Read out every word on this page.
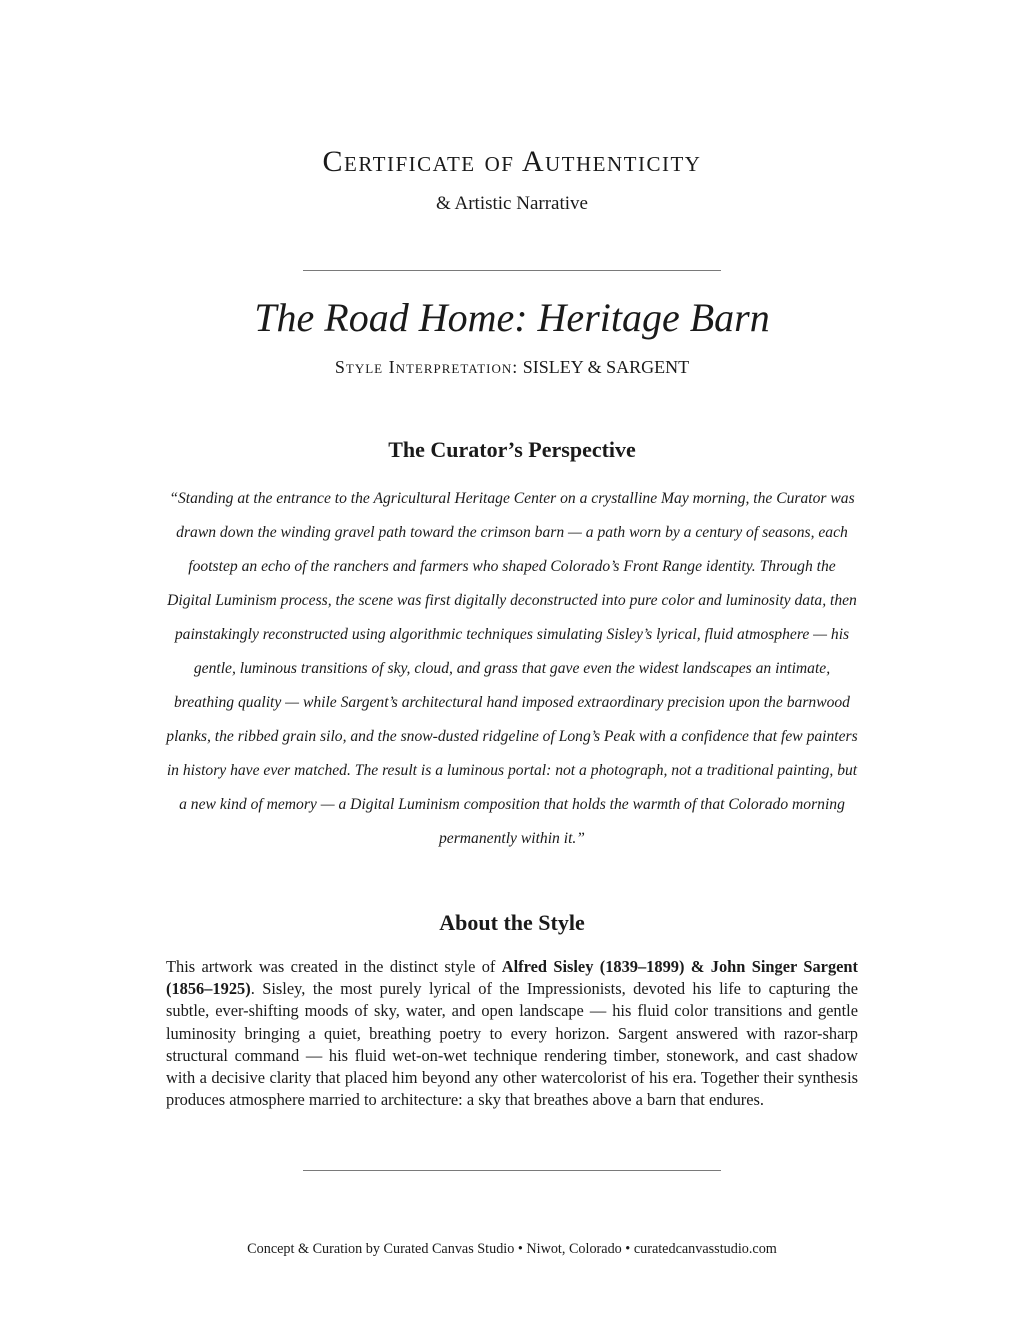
Certificate of Authenticity
& Artistic Narrative
The Road Home: Heritage Barn
Style Interpretation: SISLEY & SARGENT
The Curator’s Perspective

“Standing at the entrance to the Agricultural Heritage Center on a crystalline May morning, the Curator was drawn down the winding gravel path toward the crimson barn — a path worn by a century of seasons, each footstep an echo of the ranchers and farmers who shaped Colorado’s Front Range identity. Through the Digital Luminism process, the scene was first digitally deconstructed into pure color and luminosity data, then painstakingly reconstructed using algorithmic techniques simulating Sisley’s lyrical, fluid atmosphere — his gentle, luminous transitions of sky, cloud, and grass that gave even the widest landscapes an intimate, breathing quality — while Sargent’s architectural hand imposed extraordinary precision upon the barnwood planks, the ribbed grain silo, and the snow-dusted ridgeline of Long’s Peak with a confidence that few painters in history have ever matched. The result is a luminous portal: not a photograph, not a traditional painting, but a new kind of memory — a Digital Luminism composition that holds the warmth of that Colorado morning permanently within it.”

About the Style

This artwork was created in the distinct style of Alfred Sisley (1839–1899) & John Singer Sargent (1856–1925). Sisley, the most purely lyrical of the Impressionists, devoted his life to capturing the subtle, ever-shifting moods of sky, water, and open landscape — his fluid color transitions and gentle luminosity bringing a quiet, breathing poetry to every horizon. Sargent answered with razor-sharp structural command — his fluid wet-on-wet technique rendering timber, stonework, and cast shadow with a decisive clarity that placed him beyond any other watercolorist of his era. Together their synthesis produces atmosphere married to architecture: a sky that breathes above a barn that endures.

Concept & Curation by Curated Canvas Studio • Niwot, Colorado • curatedcanvasstudio.com
